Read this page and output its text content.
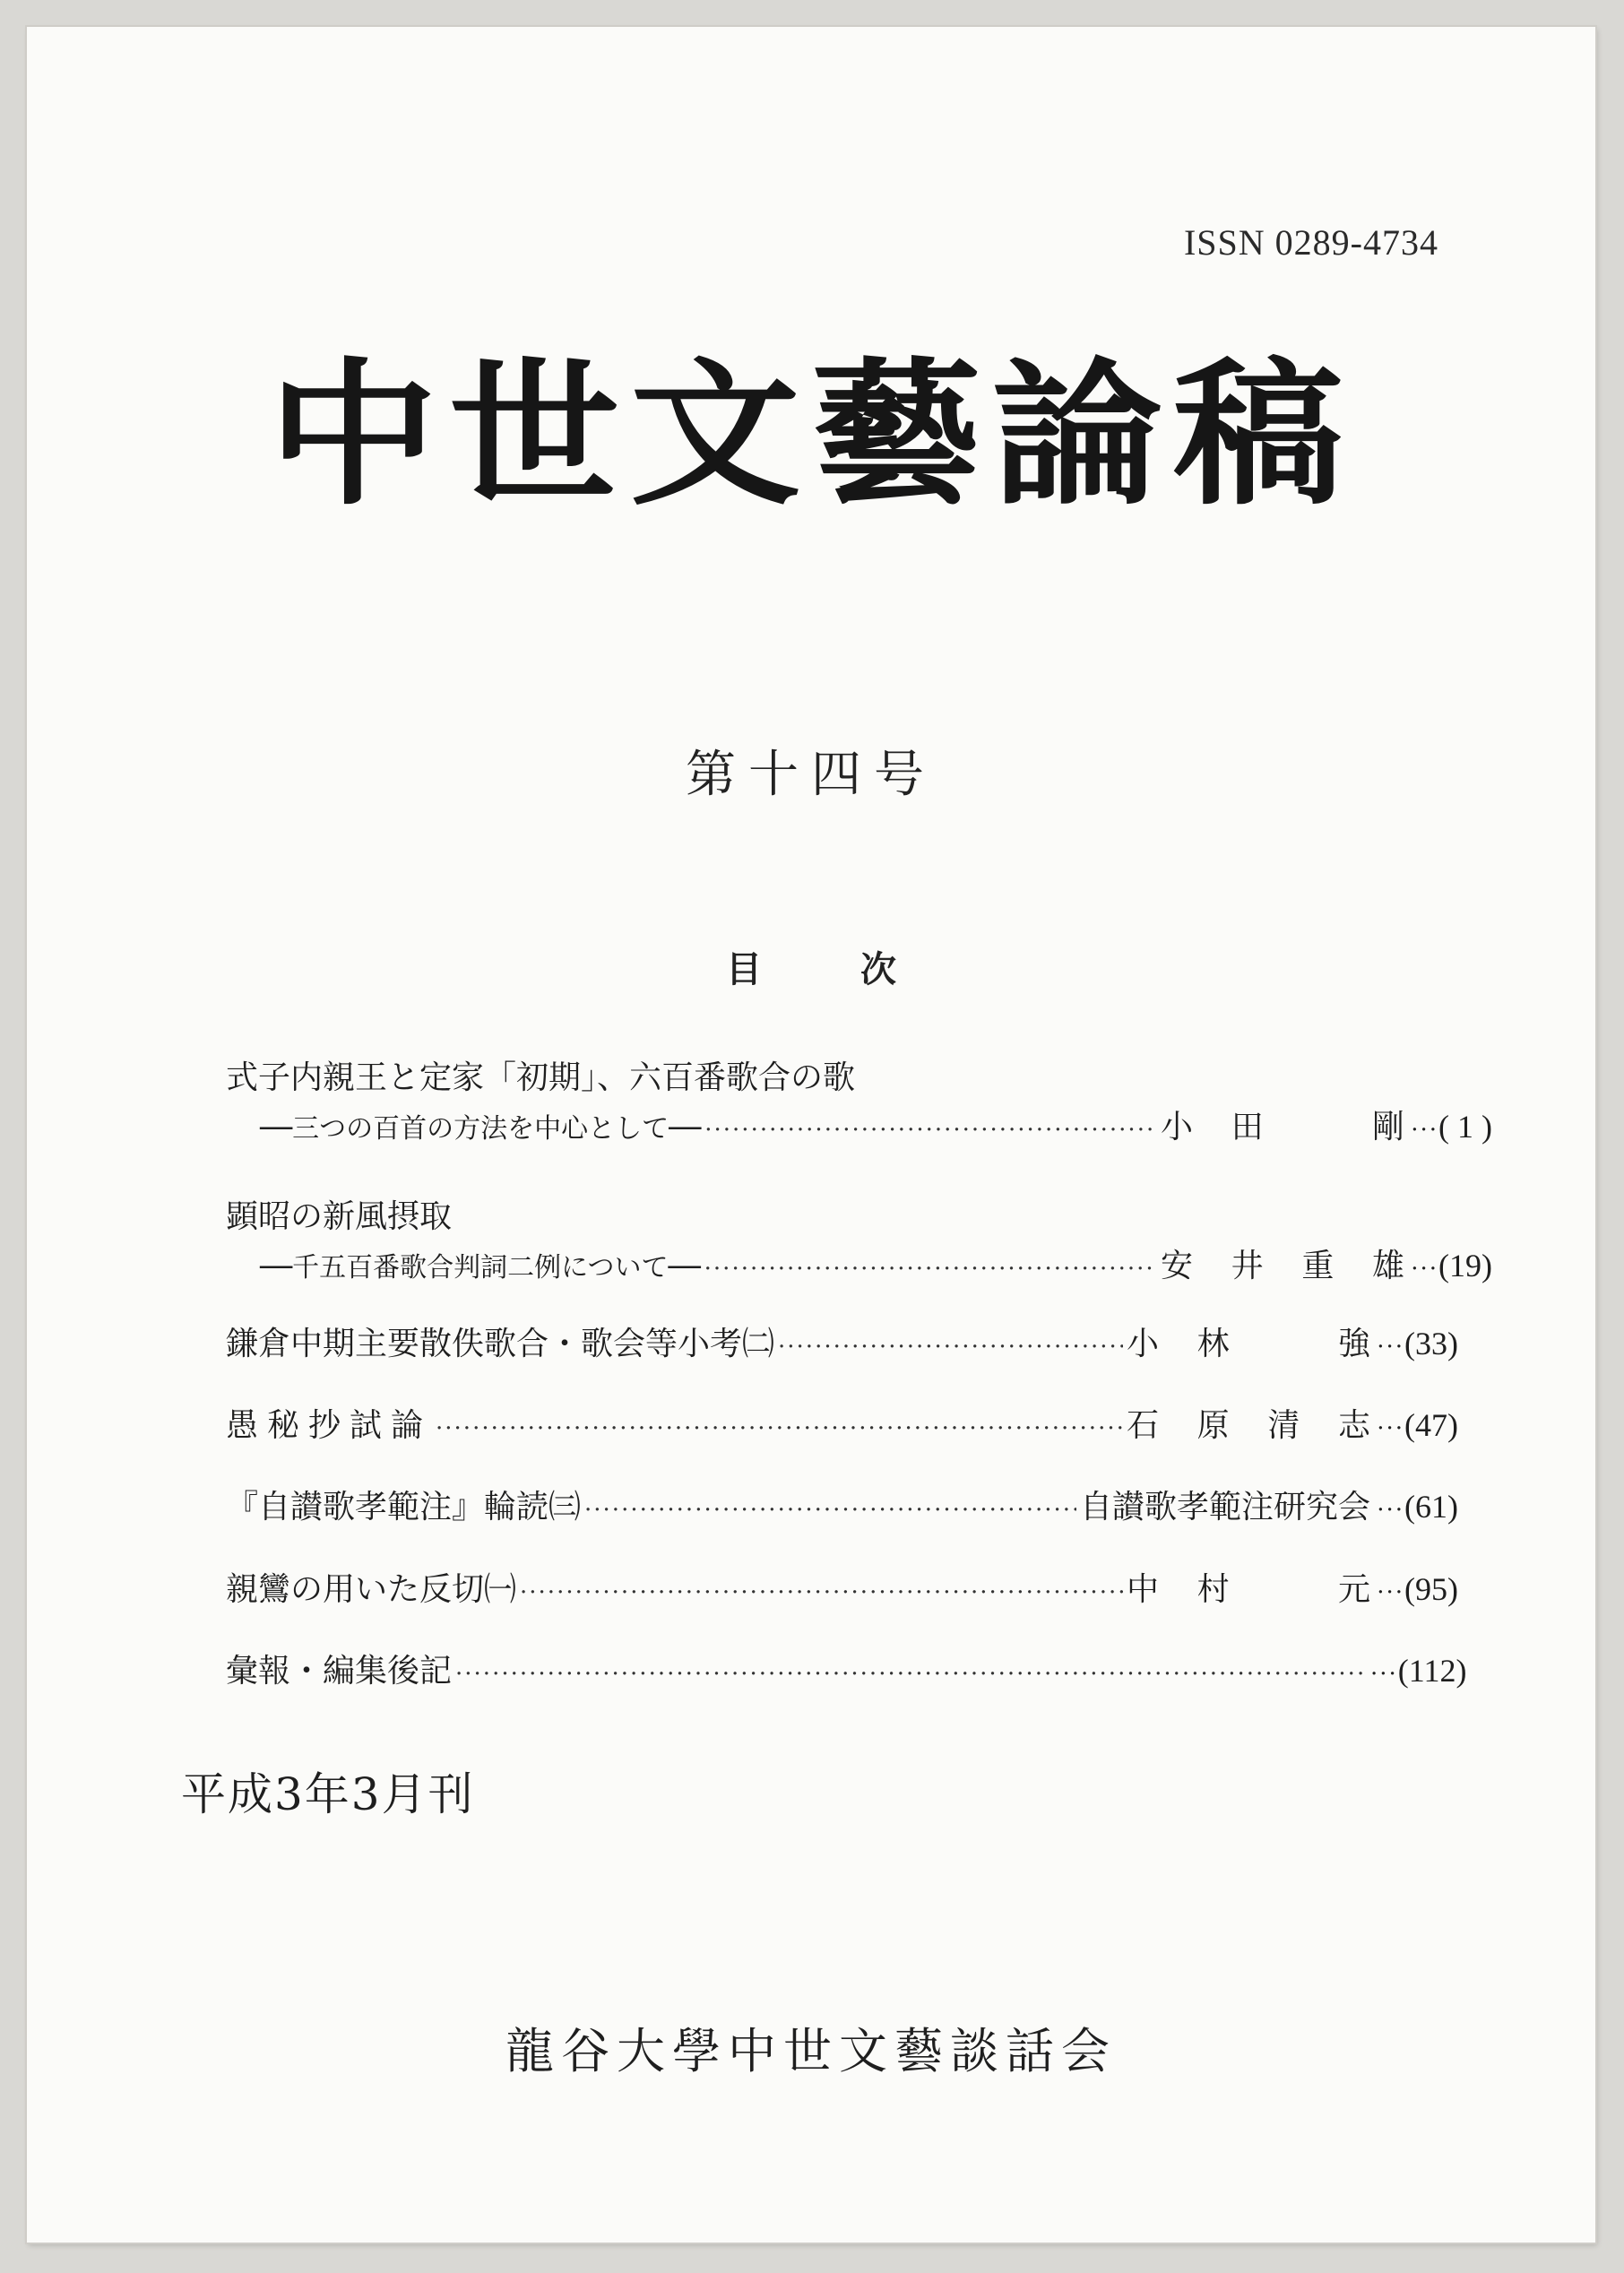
ISSN 0289-4734
中世文藝論稿
第十四号
目	次
式子内親王と定家「初期」、六百番歌合の歌
──三つの百首の方法を中心として── ·····	小田　剛	··· ( 1 )
顕昭の新風摂取
──千五百番歌合判詞二例について── ·····	安井重雄	··· (19)
鎌倉中期主要散佚歌合・歌会等小考㈡ ·····	小林　強	··· (33)
愚秘抄試論 ·····	石原清志	··· (47)
『自讃歌孝範注』輪読㈢ ·····	自讃歌孝範注研究会	··· (61)
親鸞の用いた反切㈠ ·····	中村　元	··· (95)
彙報・編集後記 ·····	··· (112)
平成3年3月刊
龍谷大學中世文藝談話会
